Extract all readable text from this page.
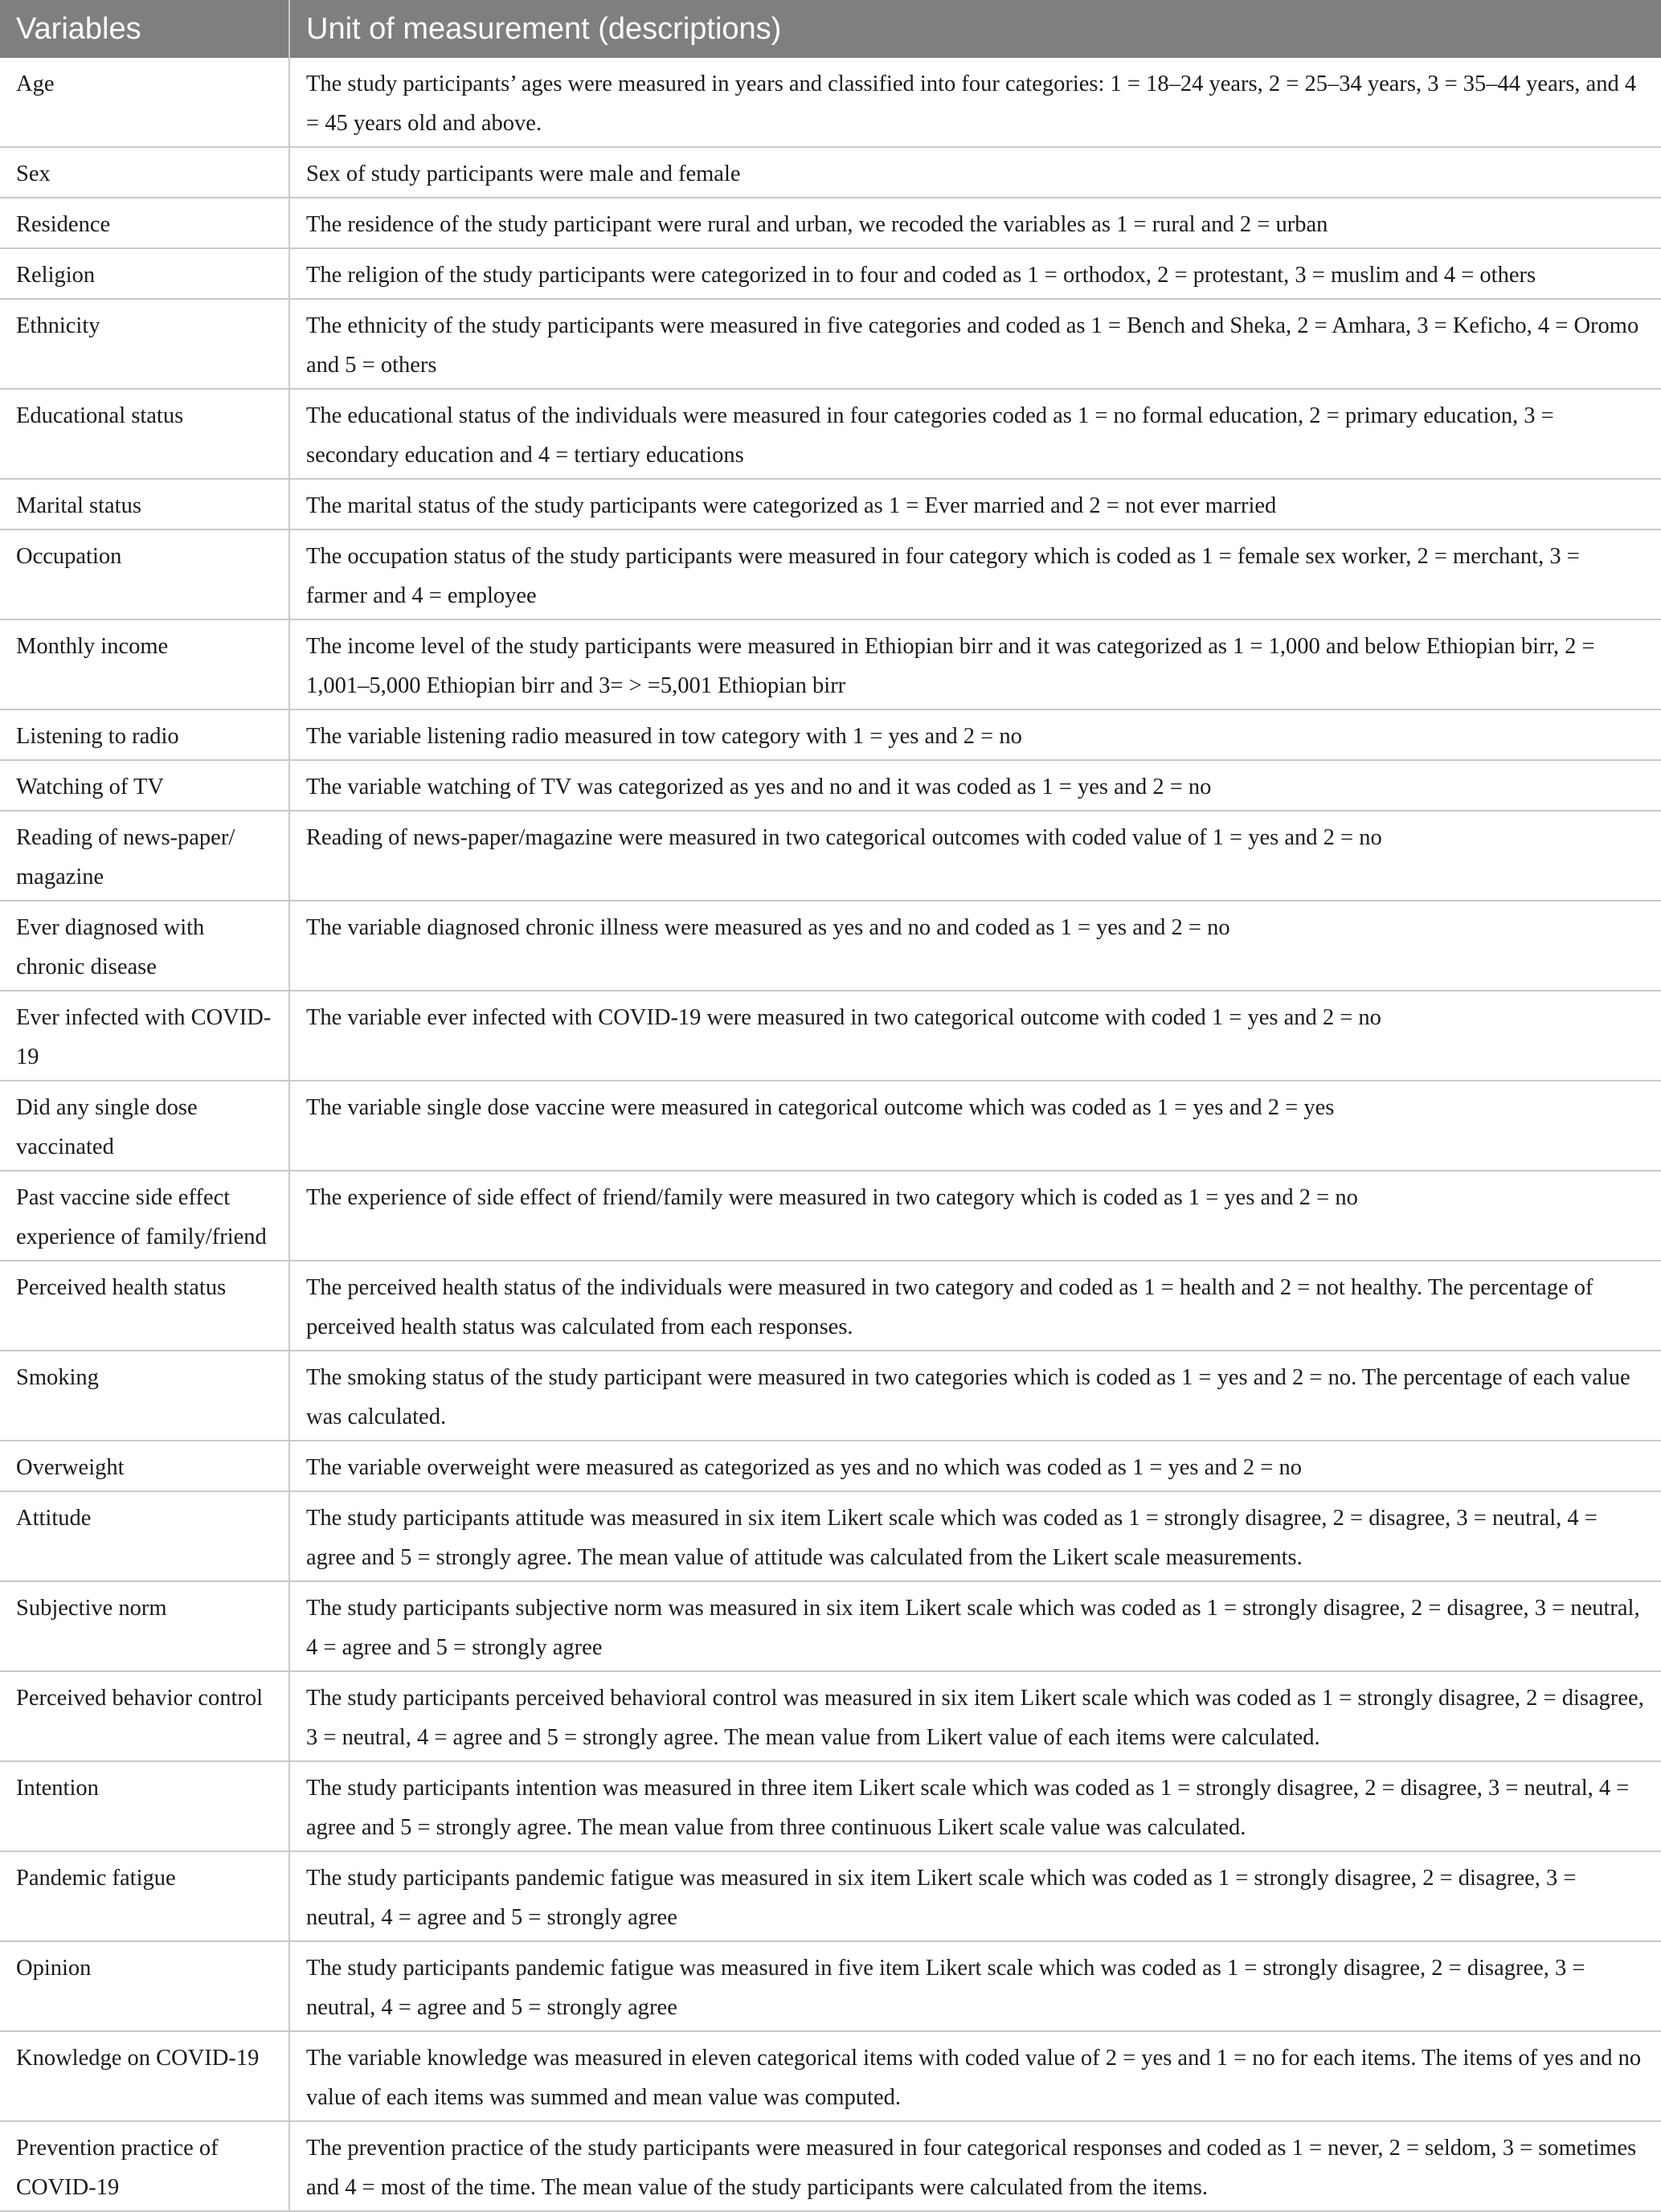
Variables	Unit of measurement (descriptions)
Age	The study participants’ ages were measured in years and classified into four categories: 1 = 18–24 years, 2 = 25–34 years, 3 = 35–44 years, and 4 = 45 years old and above.
Sex	Sex of study participants were male and female
Residence	The residence of the study participant were rural and urban, we recoded the variables as 1 = rural and 2 = urban
Religion	The religion of the study participants were categorized in to four and coded as 1 = orthodox, 2 = protestant, 3 = muslim and 4 = others
Ethnicity	The ethnicity of the study participants were measured in five categories and coded as 1 = Bench and Sheka, 2 = Amhara, 3 = Keficho, 4 = Oromo and 5 = others
Educational status	The educational status of the individuals were measured in four categories coded as 1 = no formal education, 2 = primary education, 3 = secondary education and 4 = tertiary educations
Marital status	The marital status of the study participants were categorized as 1 = Ever married and 2 = not ever married
Occupation	The occupation status of the study participants were measured in four category which is coded as 1 = female sex worker, 2 = merchant, 3 = farmer and 4 = employee
Monthly income	The income level of the study participants were measured in Ethiopian birr and it was categorized as 1 = 1,000 and below Ethiopian birr, 2 = 1,001–5,000 Ethiopian birr and 3= > =5,001 Ethiopian birr
Listening to radio	The variable listening radio measured in tow category with 1 = yes and 2 = no
Watching of TV	The variable watching of TV was categorized as yes and no and it was coded as 1 = yes and 2 = no
Reading of news-paper/ magazine	Reading of news-paper/magazine were measured in two categorical outcomes with coded value of 1 = yes and 2 = no
Ever diagnosed with chronic disease	The variable diagnosed chronic illness were measured as yes and no and coded as 1 = yes and 2 = no
Ever infected with COVID-19	The variable ever infected with COVID-19 were measured in two categorical outcome with coded 1 = yes and 2 = no
Did any single dose vaccinated	The variable single dose vaccine were measured in categorical outcome which was coded as 1 = yes and 2 = yes
Past vaccine side effect experience of family/friend	The experience of side effect of friend/family were measured in two category which is coded as 1 = yes and 2 = no
Perceived health status	The perceived health status of the individuals were measured in two category and coded as 1 = health and 2 = not healthy. The percentage of perceived health status was calculated from each responses.
Smoking	The smoking status of the study participant were measured in two categories which is coded as 1 = yes and 2 = no. The percentage of each value was calculated.
Overweight	The variable overweight were measured as categorized as yes and no which was coded as 1 = yes and 2 = no
Attitude	The study participants attitude was measured in six item Likert scale which was coded as 1 = strongly disagree, 2 = disagree, 3 = neutral, 4 = agree and 5 = strongly agree. The mean value of attitude was calculated from the Likert scale measurements.
Subjective norm	The study participants subjective norm was measured in six item Likert scale which was coded as 1 = strongly disagree, 2 = disagree, 3 = neutral, 4 = agree and 5 = strongly agree
Perceived behavior control	The study participants perceived behavioral control was measured in six item Likert scale which was coded as 1 = strongly disagree, 2 = disagree, 3 = neutral, 4 = agree and 5 = strongly agree. The mean value from Likert value of each items were calculated.
Intention	The study participants intention was measured in three item Likert scale which was coded as 1 = strongly disagree, 2 = disagree, 3 = neutral, 4 = agree and 5 = strongly agree. The mean value from three continuous Likert scale value was calculated.
Pandemic fatigue	The study participants pandemic fatigue was measured in six item Likert scale which was coded as 1 = strongly disagree, 2 = disagree, 3 = neutral, 4 = agree and 5 = strongly agree
Opinion	The study participants pandemic fatigue was measured in five item Likert scale which was coded as 1 = strongly disagree, 2 = disagree, 3 = neutral, 4 = agree and 5 = strongly agree
Knowledge on COVID-19	The variable knowledge was measured in eleven categorical items with coded value of 2 = yes and 1 = no for each items. The items of yes and no value of each items was summed and mean value was computed.
Prevention practice of COVID-19	The prevention practice of the study participants were measured in four categorical responses and coded as 1 = never, 2 = seldom, 3 = sometimes and 4 = most of the time. The mean value of the study participants were calculated from the items.
